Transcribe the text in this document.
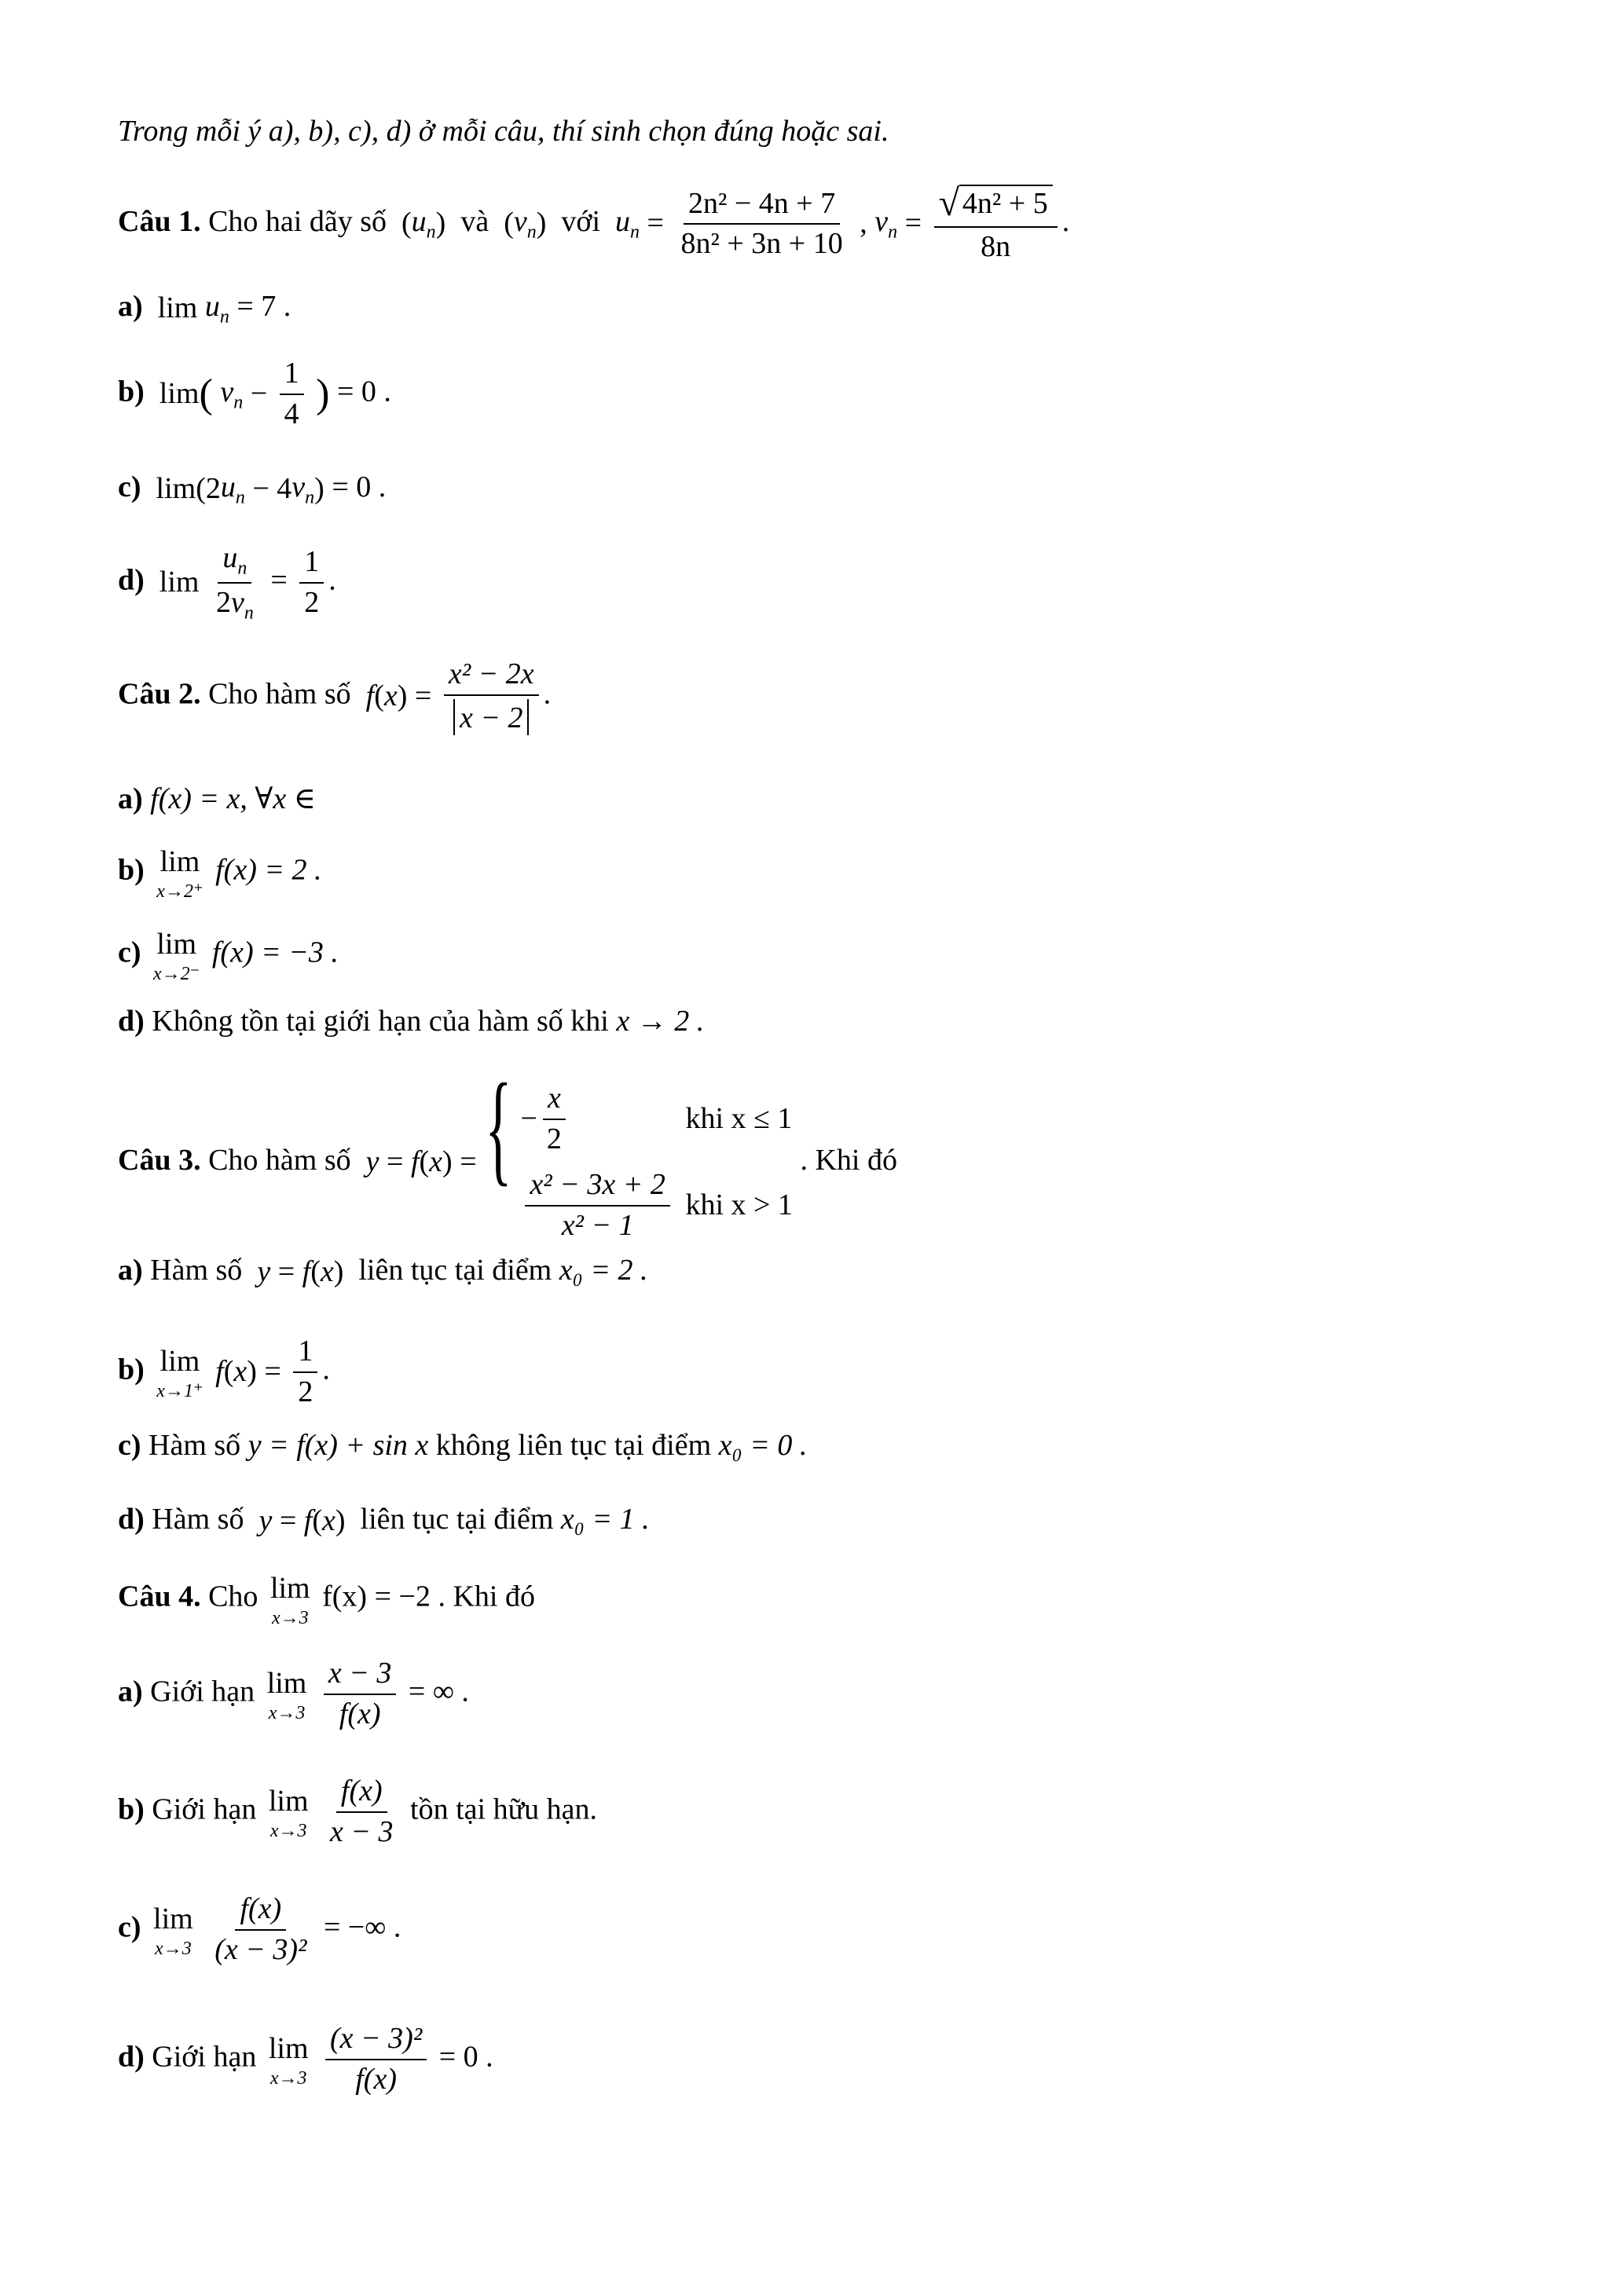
Trong mỗi ý a), b), c), d) ở mỗi câu, thí sinh chọn đúng hoặc sai.
Câu 1. Cho hai dãy số  ( $u_n$ )  và  ( $v_n$ )  với $u_n = \frac{\text{2n² − 4n + 7}}{\text{8n² + 3n + 10}}$ , $v_n = \frac{\text{√ 4n² + 5}}{8n}$ .
a)  $\lim u_n = 7$ .
b)  lim (
$v_n - \frac{1}{4}$
) = 0 .
c)  lim(2 $u_n - 4$ $v_n$ ) = 0 .
d)  $\lim \frac{u_n}{2v_n} = \frac{1}{2}$ .
Câu 2. Cho hàm số f ( x ) = $\frac{\text{x² − 2x}}{x - 2}$ .
a) f(x) = x, ∀x ∈
b) lim
x→2⁺
f(x) = 2 .
c) lim
x→2⁻
f(x) = −3 .
d) Không tồn tại giới hạn của hàm số khi x → 2 .
Câu 3. Cho hàm số y = f ( x ) = { − $\frac{x}{2}$	khi x ≤ 1
$\frac{\text{x² − 3x + 2}}{\text{x² − 1}}$ khi x > 1
. Khi đó
a) Hàm số y = f ( x )  liên tục tại điểm x₀ = 2 .
b) lim
x→1⁺

f ( x ) = $\frac{1}{2}$ .
c) Hàm số y = f(x) + sin x không liên tục tại điểm x₀ = 0 .
d) Hàm số y = f ( x )  liên tục tại điểm x₀ = 1 .
Câu 4. Cho lim
x→3
f(x) = −2 . Khi đó
a) Giới hạn lim
x→3
$\frac{x - 3}{f(x)}$ = ∞ .
b) Giới hạn lim
x→3
$\frac{f(x)}{x - 3}$ tồn tại hữu hạn.
c) lim
x→3
$\frac{f(x)}{\text{(x − 3)²}}$ = −∞ .
d) Giới hạn lim
x→3
$\frac{\text{(x − 3)²}}{f(x)} = 0$ .
